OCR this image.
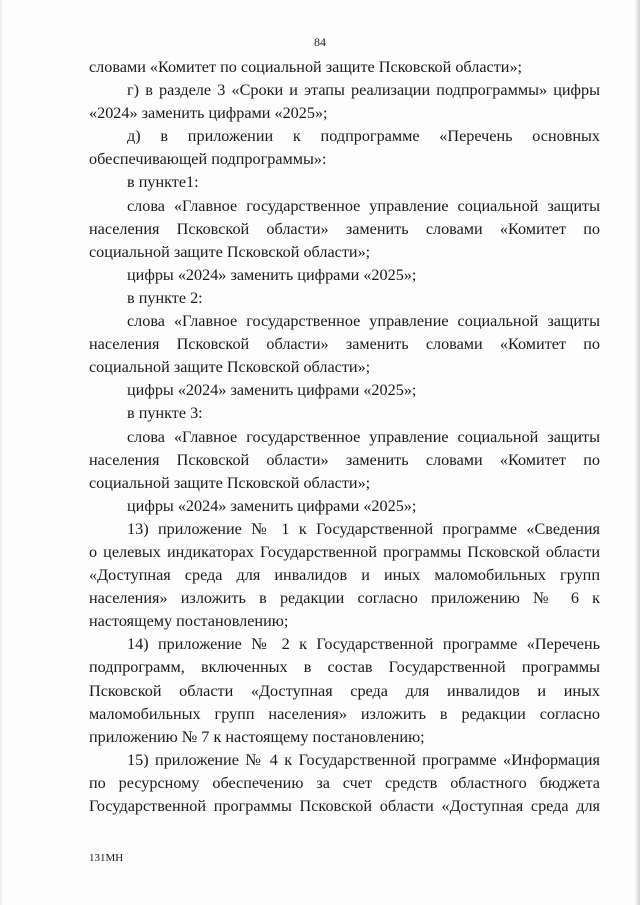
84
словами «Комитет по социальной защите Псковской области»;
г) в разделе 3 «Сроки и этапы реализации подпрограммы» цифры
«2024» заменить цифрами «2025»;
д) в приложении к подпрограмме «Перечень основных
обеспечивающей подпрограммы»:
в пункте1:
слова «Главное государственное управление социальной защиты
населения Псковской области» заменить словами «Комитет по
социальной защите Псковской области»;
цифры «2024» заменить цифрами «2025»;
в пункте 2:
слова «Главное государственное управление социальной защиты
населения Псковской области» заменить словами «Комитет по
социальной защите Псковской области»;
цифры «2024» заменить цифрами «2025»;
в пункте 3:
слова «Главное государственное управление социальной защиты
населения Псковской области» заменить словами «Комитет по
социальной защите Псковской области»;
цифры «2024» заменить цифрами «2025»;
13) приложение № 1 к Государственной программе «Сведения
о целевых индикаторах Государственной программы Псковской области
«Доступная среда для инвалидов и иных маломобильных групп
населения» изложить в редакции согласно приложению № 6 к
настоящему постановлению;
14) приложение № 2 к Государственной программе «Перечень
подпрограмм, включенных в состав Государственной программы
Псковской области «Доступная среда для инвалидов и иных
маломобильных групп населения» изложить в редакции согласно
приложению № 7 к настоящему постановлению;
15) приложение № 4 к Государственной программе «Информация
по ресурсному обеспечению за счет средств областного бюджета
Государственной программы Псковской области «Доступная среда для
131МН
